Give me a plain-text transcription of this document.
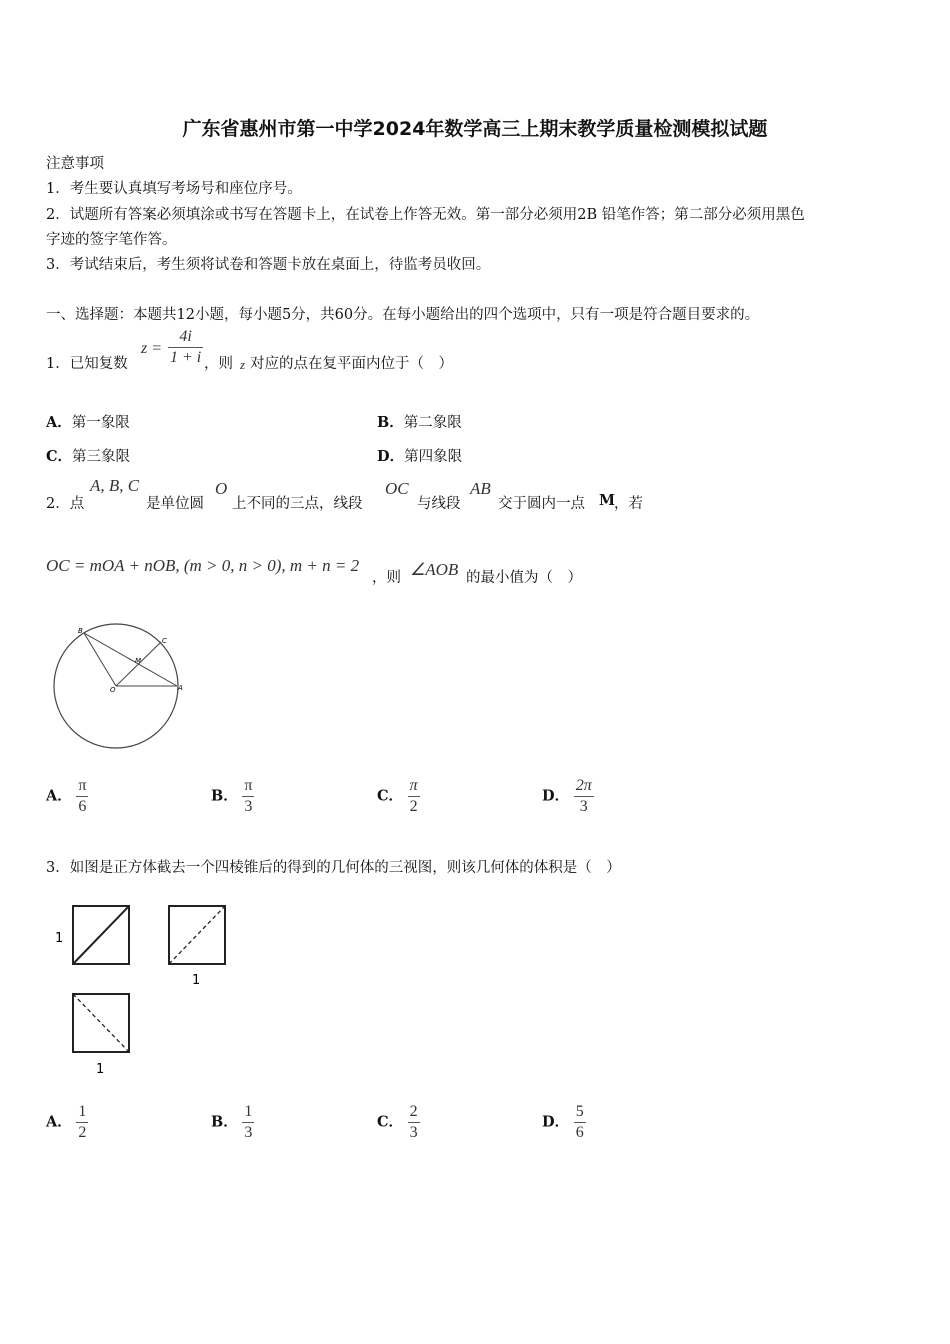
广东省惠州市第一中学2024年数学高三上期末教学质量检测模拟试题
注意事项
1．考生要认真填写考场号和座位序号。
2．试题所有答案必须填涂或书写在答题卡上，在试卷上作答无效。第一部分必须用2B 铅笔作答；第二部分必须用黑色
字迹的签字笔作答。
3．考试结束后，考生须将试卷和答题卡放在桌面上，待监考员收回。
一、选择题：本题共12小题，每小题5分，共60分。在每小题给出的四个选项中，只有一项是符合题目要求的。
1．已知复数
$z = \frac{4i}{1 + i}$ ，则 z 对应的点在复平面内位于（　）
A．第一象限	B．第二象限
C．第三象限	D．第四象限
2．点
A, B, C
是单位圆
O
上不同的三点，线段
OC
与线段
AB
交于圆内一点 M
，若
OC = mOA + nOB, (m > 0, n > 0), m + n = 2
，则 ∠AOB 的最小值为（　）
B
C
M
O	A
A． $\frac{\pi}{6}$	B． $\frac{\pi}{3}$	C． $\frac{\pi}{2}$	D． $\frac{2\pi}{3}$
3．如图是正方体截去一个四棱锥后的得到的几何体的三视图，则该几何体的体积是（　）
1
1
1
A． $\frac{1}{2}$	B． $\frac{1}{3}$	C． $\frac{2}{3}$	D． $\frac{5}{6}$
